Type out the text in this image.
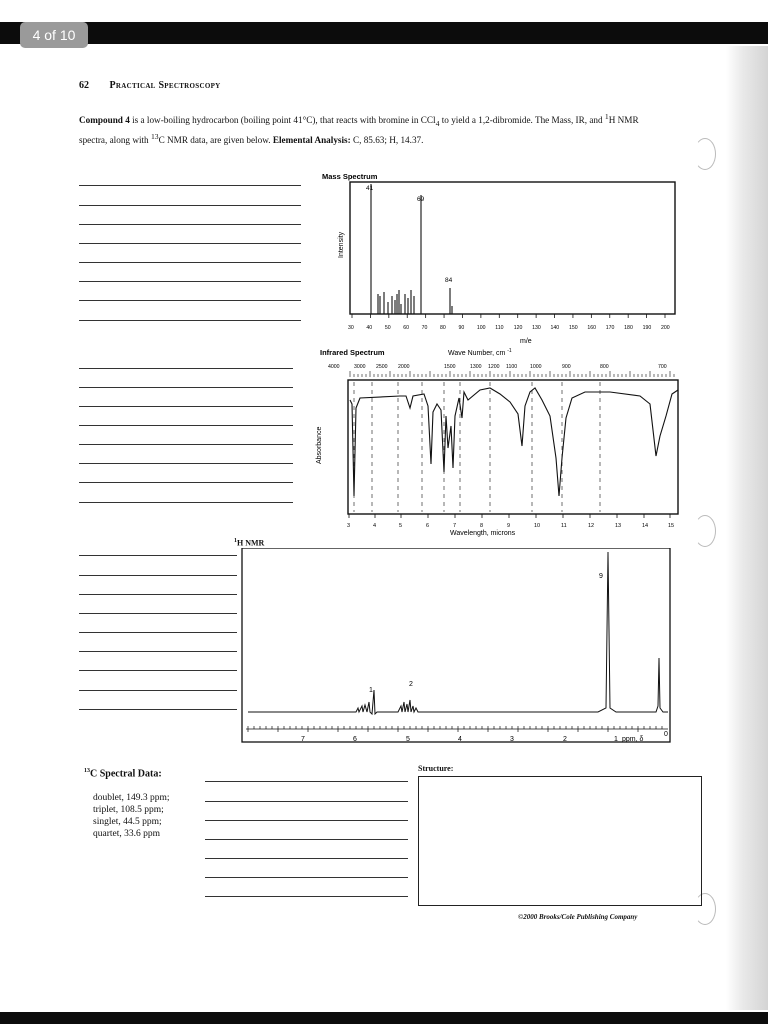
4 of 10
62 Practical Spectroscopy
Compound 4 is a low-boiling hydrocarbon (boiling point 41°C), that reacts with bromine in CCl$_4$ to yield a 1,2-dibromide. The Mass, IR, and $^1$H NMR spectra, along with $^{13}$C NMR data, are given below. Elemental Analysis: C, 85.63; H, 14.37.
Mass Spectrum
Intensity
41
69
84
30 40 50 60 70 80 90 100 110 120 130 140 150 160 170 180 190 200
m/e
Infrared Spectrum	Wave Number, cm $^{-1}$
4000	3000 2500 2000	1500	1300 1200 1100 1000	900	800	700
Absorbance
3	4	5	6	7	8	9	10	11	12	13	14	15
Wavelength, microns
$^1$H NMR
1
2
9
7	6	5	4	3	2	1
0
ppm, δ
$^{13}$C Spectral Data:
doublet, 149.3 ppm;
triplet, 108.5 ppm;
singlet, 44.5 ppm;
quartet, 33.6 ppm
Structure:
©2000 Brooks/Cole Publishing Company
